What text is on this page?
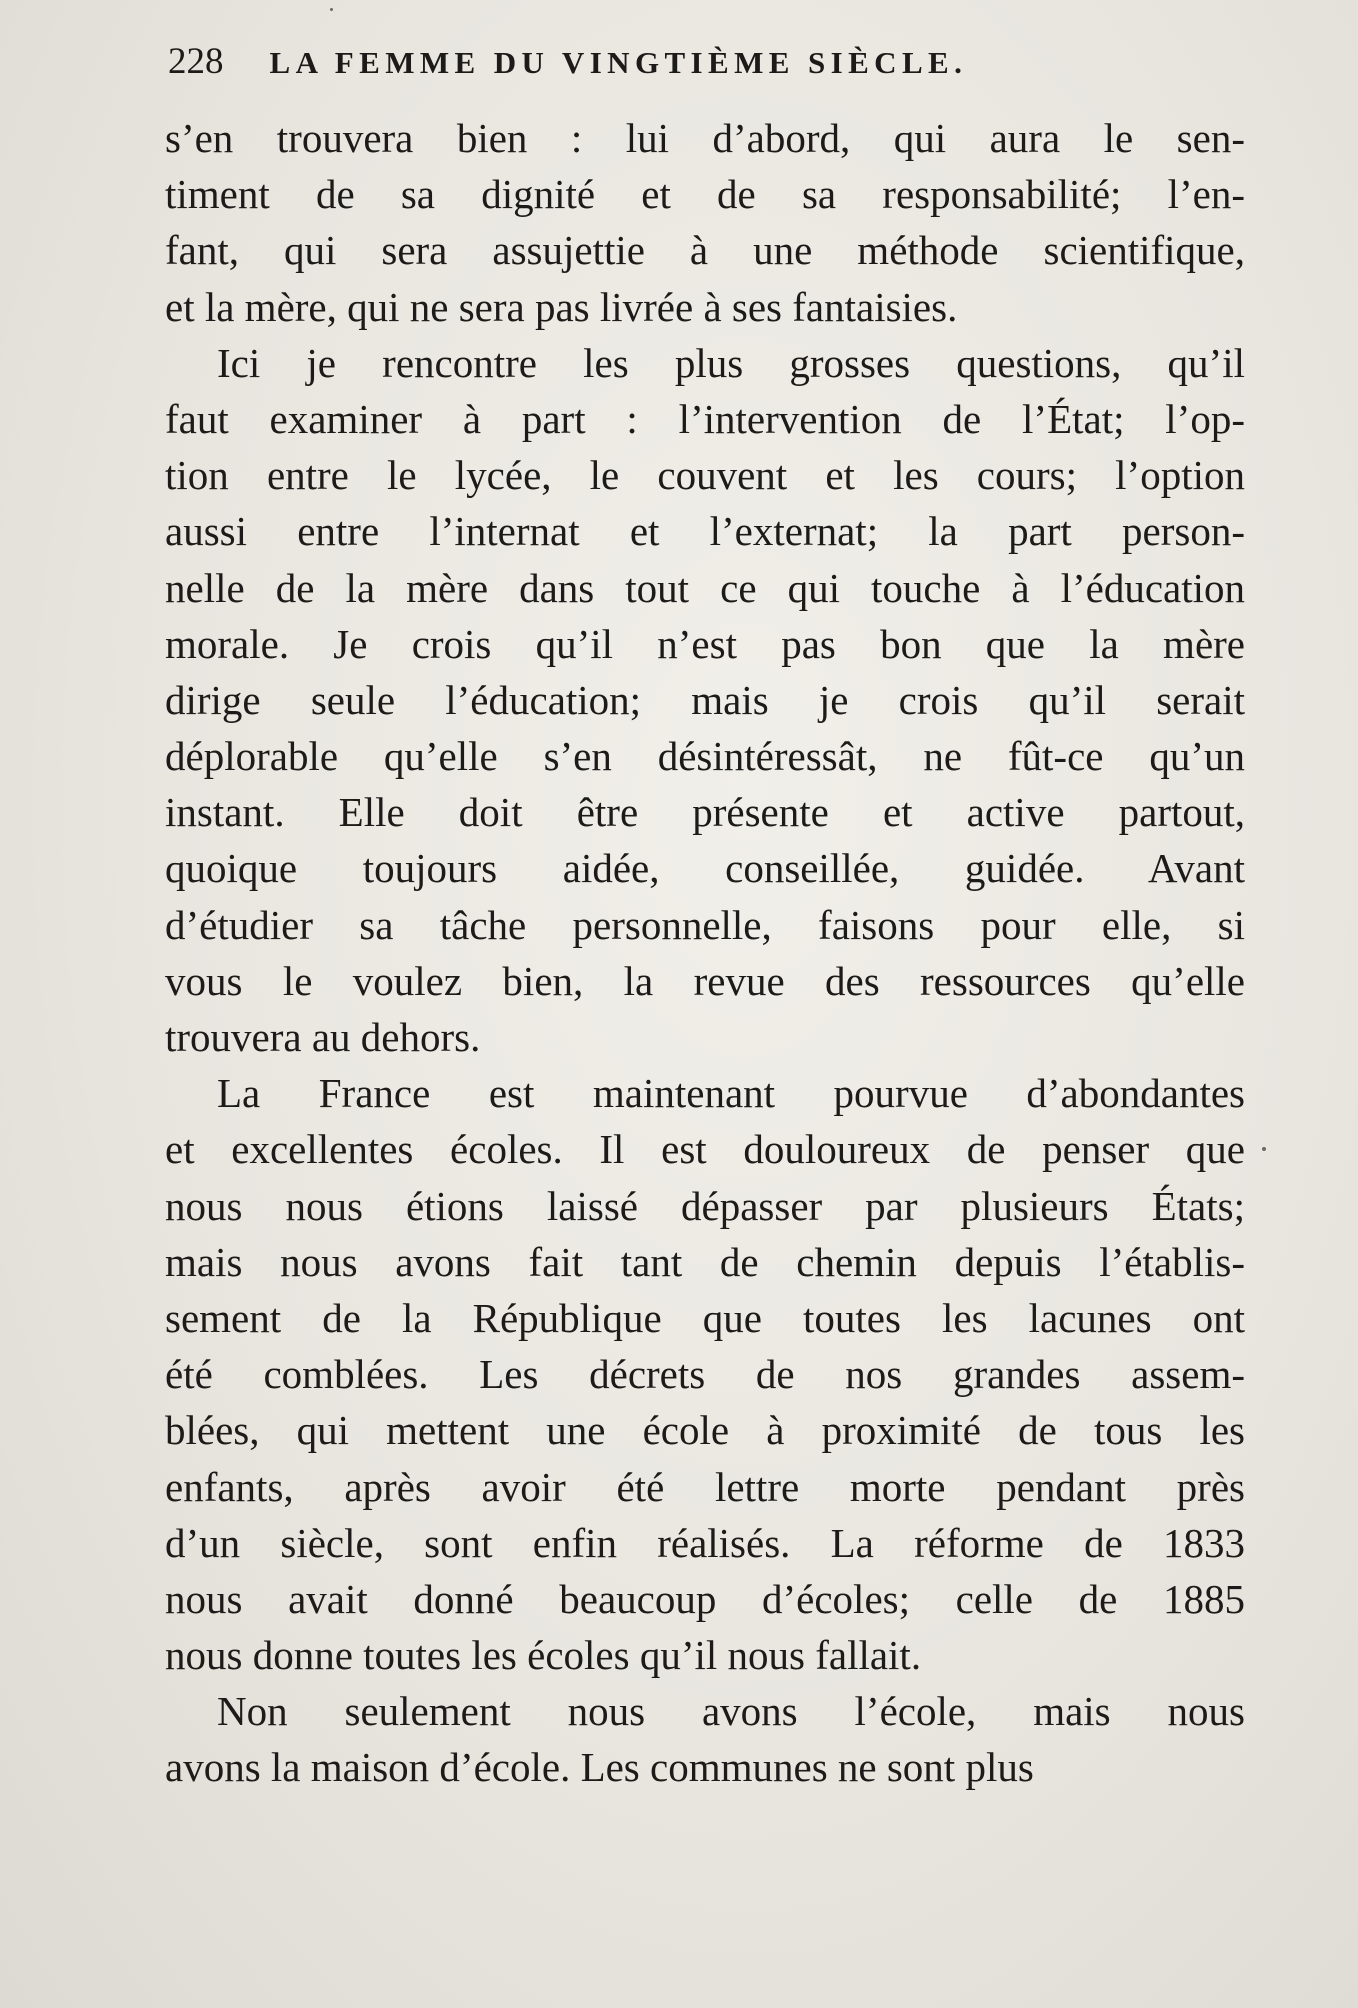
228 LA FEMME DU VINGTIÈME SIÈCLE.
s’en trouvera bien : lui d’abord, qui aura le sen-
timent de sa dignité et de sa responsabilité; l’en-
fant, qui sera assujettie à une méthode scientifique,
et la mère, qui ne sera pas livrée à ses fantaisies.
Ici je rencontre les plus grosses questions, qu’il
faut examiner à part : l’intervention de l’État; l’op-
tion entre le lycée, le couvent et les cours; l’option
aussi entre l’internat et l’externat; la part person-
nelle de la mère dans tout ce qui touche à l’éducation
morale. Je crois qu’il n’est pas bon que la mère
dirige seule l’éducation; mais je crois qu’il serait
déplorable qu’elle s’en désintéressât, ne fût-ce qu’un
instant. Elle doit être présente et active partout,
quoique toujours aidée, conseillée, guidée. Avant
d’étudier sa tâche personnelle, faisons pour elle, si
vous le voulez bien, la revue des ressources qu’elle
trouvera au dehors.
La France est maintenant pourvue d’abondantes
et excellentes écoles. Il est douloureux de penser que
nous nous étions laissé dépasser par plusieurs États;
mais nous avons fait tant de chemin depuis l’établis-
sement de la République que toutes les lacunes ont
été comblées. Les décrets de nos grandes assem-
blées, qui mettent une école à proximité de tous les
enfants, après avoir été lettre morte pendant près
d’un siècle, sont enfin réalisés. La réforme de 1833
nous avait donné beaucoup d’écoles; celle de 1885
nous donne toutes les écoles qu’il nous fallait.
Non seulement nous avons l’école, mais nous
avons la maison d’école. Les communes ne sont plus
